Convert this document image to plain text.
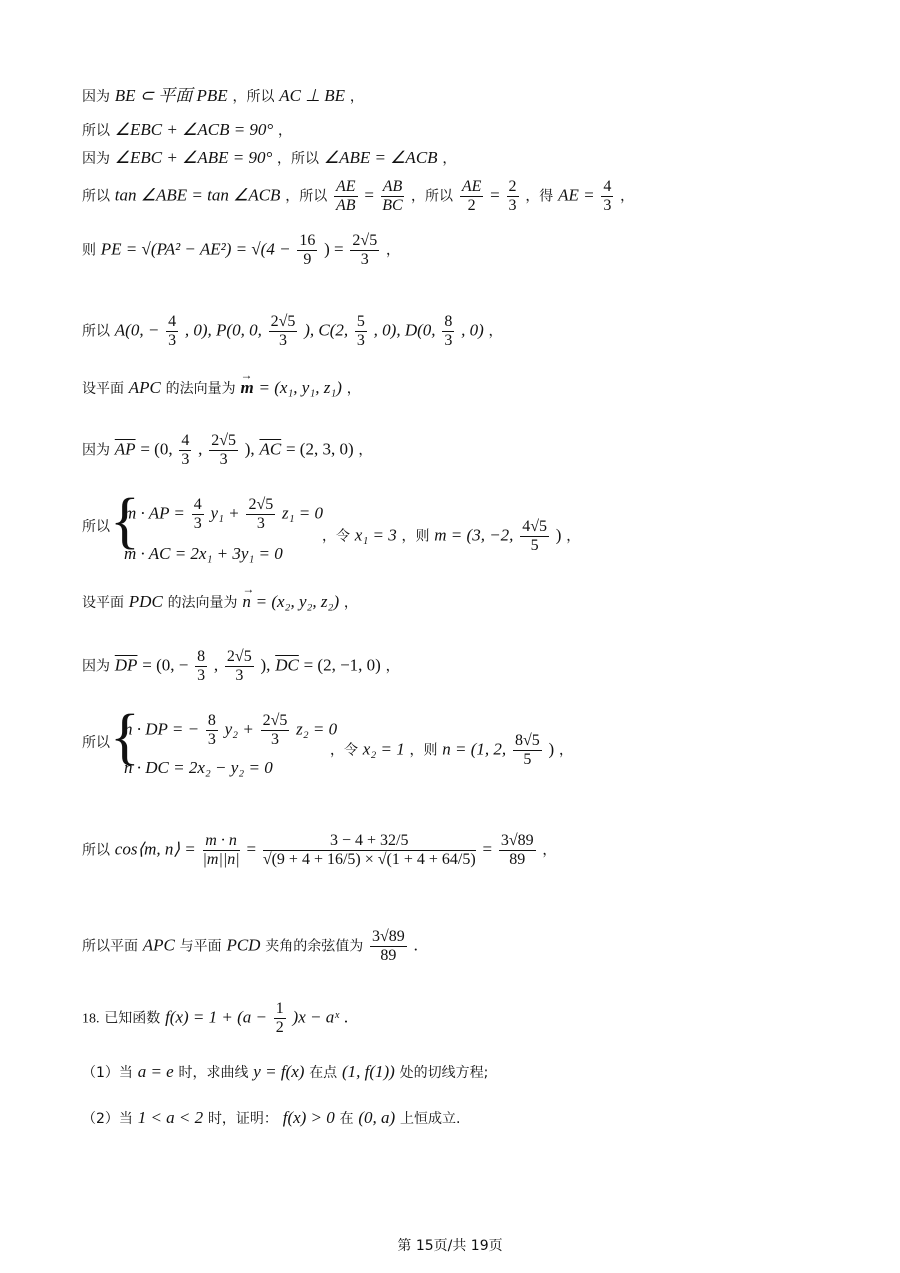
因为 BE ⊂ 平面 PBE ，所以 AC ⊥ BE ，
所以 ∠EBC + ∠ACB = 90° ，
因为 ∠EBC + ∠ABE = 90° ，所以 ∠ABE = ∠ACB ，
所以 tan ∠ABE = tan ∠ACB ，所以 $\frac{AE}{AB} = \frac{AB}{BC}$ ，所以 $\frac{AE}{2} = \frac{2}{3}$ ，得 AE = $\frac{4}{3}$ ，
则 PE = $√(PA^2 - AE^2) = √(4 - \frac{16}{9}$ ) = $\frac{2√5}{3}$ ，
所以 A(0, − $\frac{4}{3}$ , 0), P(0, 0, $\frac{2√5}{3}$ ), C(2, $\frac{5}{3}$ , 0), D(0, $\frac{8}{3}$ , 0) ，
设平面 APC 的法向量为 → m = (x₁, y₁, z₁) ，
因为 $\overline{AP} = (0$, $\frac{4}{3}$ , $\frac{2√5}{3}$ ), $\overline{AC} = (2$, 3, 0) ，
所以 {
m · AP = $\frac{4}{3} y_1 + \frac{2√5}{3} z_1 = 0$
m · AC = 2x₁ + 3y₁ = 0
，令 x₁ = 3 ，则 m = (3, −2, $\frac{4√5}{5}$ ) ，
设平面 PDC 的法向量为 → n = (x₂, y₂, z₂) ，
因为 $\overline{DP} = (0$, − $\frac{8}{3}$ , $\frac{2√5}{3}$ ), $\overline{DC} = (2$, −1, 0) ，
所以 {
n · DP = − $\frac{8}{3} y_2 + \frac{2√5}{3} z_2 = 0$
n · DC = 2x₂ − y₂ = 0
，令 x₂ = 1 ，则 n = (1, 2, $\frac{8√5}{5}$ ) ，
所以 cos⟨m, n⟩ = $\frac{m \cdot n}{|m||n|} = \frac{3 - 4 + 32/5}{√(9 + 4 + 16/5) \times √(1 + 4 + 64/5)} = \frac{3√89}{89}$ ，
所以平面 APC 与平面 PCD 夹角的余弦值为 $\frac{3√89}{89}$ .
18. 已知函数 $f(x) = 1 + (a - \frac{1}{2} )x$ − aˣ .
（1）当 a = e 时，求曲线 y = f(x) 在点 (1, f(1)) 处的切线方程;
（2）当 1 < a < 2 时，证明： f(x) > 0 在 (0, a) 上恒成立.
第 15页/共 19页
